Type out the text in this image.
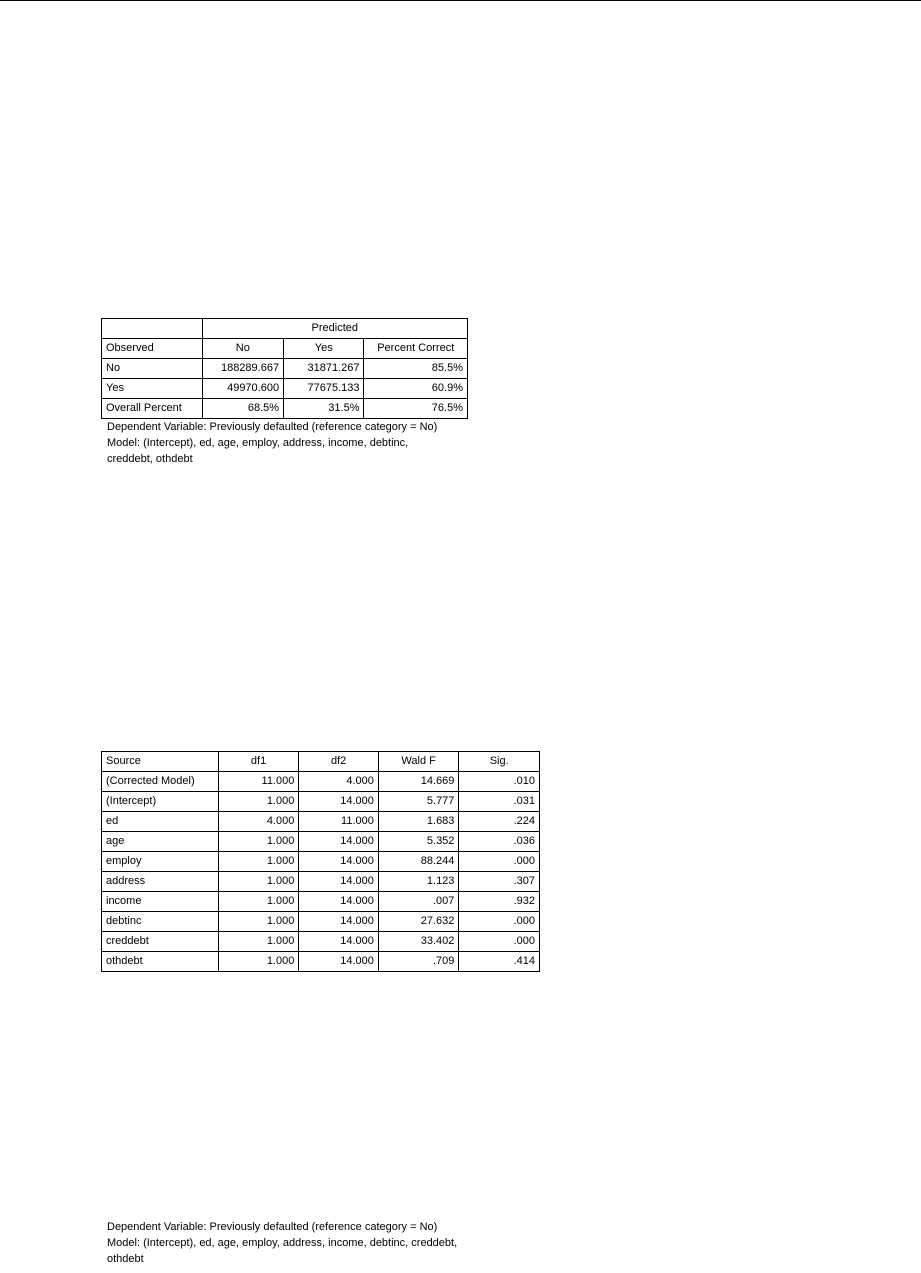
	Predicted		
Observed	No	Yes	Percent Correct
No	188289.667	31871.267	85.5%
Yes	49970.600	77675.133	60.9%
Overall Percent	68.5%	31.5%	76.5%
Dependent Variable: Previously defaulted (reference category = No)
Model: (Intercept), ed, age, employ, address, income, debtinc,
creddebt, othdebt
Source	df1	df2	Wald F	Sig.
(Corrected Model)	11.000	4.000	14.669	.010
(Intercept)	1.000	14.000	5.777	.031
ed	4.000	11.000	1.683	.224
age	1.000	14.000	5.352	.036
employ	1.000	14.000	88.244	.000
address	1.000	14.000	1.123	.307
income	1.000	14.000	.007	.932
debtinc	1.000	14.000	27.632	.000
creddebt	1.000	14.000	33.402	.000
othdebt	1.000	14.000	.709	.414
Dependent Variable: Previously defaulted (reference category = No)
Model: (Intercept), ed, age, employ, address, income, debtinc, creddebt,
othdebt
